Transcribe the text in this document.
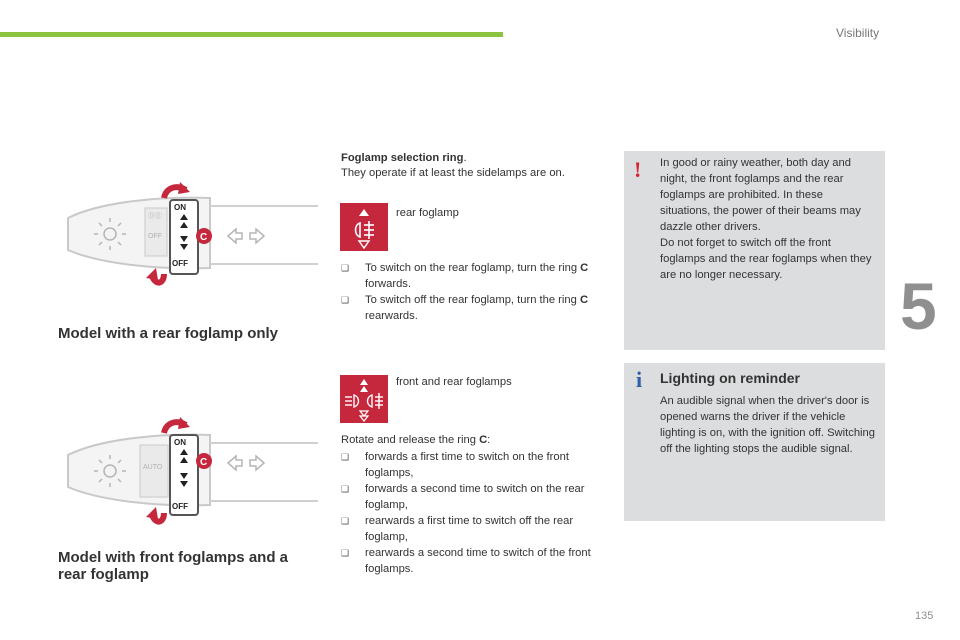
Visibility
5
135
ⒹⒺ
OFF
ON
OFF
C
AUTO
ON
OFF
C
Model with a rear foglamp only
Model with front foglamps and a rear foglamp
Foglamp selection ring.
They operate if at least the sidelamps are on.
rear foglamp
❑ To switch on the rear foglamp, turn the ring C forwards.
❑ To switch off the rear foglamp, turn the ring C rearwards.
front and rear foglamps
Rotate and release the ring C:
❑ forwards a first time to switch on the front foglamps,
❑ forwards a second time to switch on the rear foglamp,
❑ rearwards a first time to switch off the rear foglamp,
❑ rearwards a second time to switch of the front foglamps.
! In good or rainy weather, both day and night, the front foglamps and the rear foglamps are prohibited. In these situations, the power of their beams may dazzle other drivers.
Do not forget to switch off the front foglamps and the rear foglamps when they are no longer necessary.
i Lighting on reminder
An audible signal when the driver's door is opened warns the driver if the vehicle lighting is on, with the ignition off. Switching off the lighting stops the audible signal.
